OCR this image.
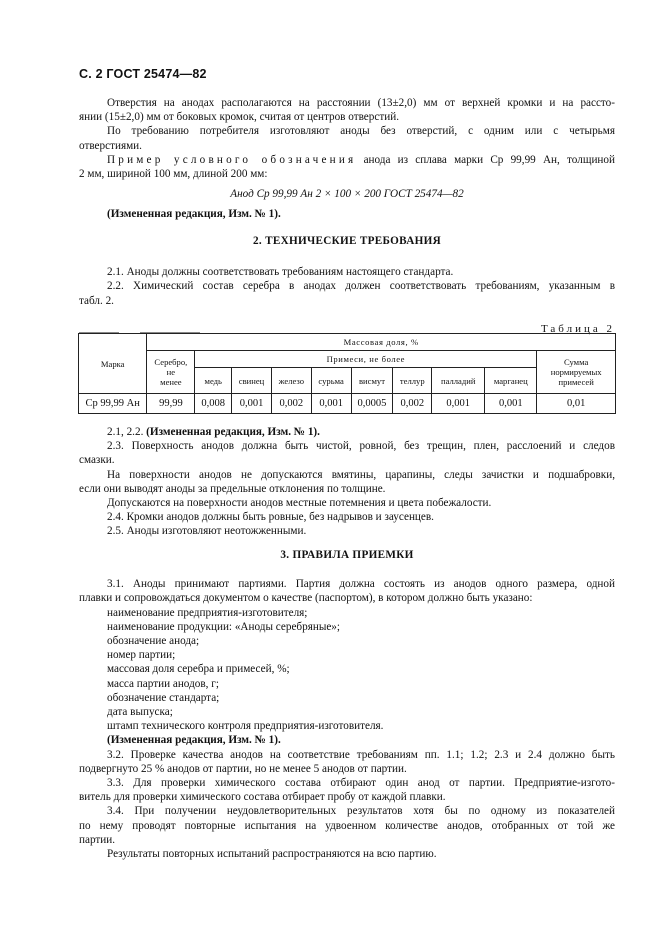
С. 2 ГОСТ 25474—82

Отверстия на анодах располагаются на расстоянии (13±2,0) мм от верхней кромки и на рассто-

янии (15±2,0) мм от боковых кромок, считая от центров отверстий.

По требованию потребителя изготовляют аноды без отверстий, с одним или с четырьмя

отверстиями.

Пример условного обозначения анода из сплава марки Ср 99,99 Ан, толщиной

2 мм, шириной 100 мм, длиной 200 мм:

Анод Ср 99,99 Ан 2 × 100 × 200 ГОСТ 25474—82

(Измененная редакция, Изм. № 1).

2. ТЕХНИЧЕСКИЕ ТРЕБОВАНИЯ

2.1. Аноды должны соответствовать требованиям настоящего стандарта.

2.2. Химический состав серебра в анодах должен соответствовать требованиям, указанным в

табл. 2.

Таблица 2

Марка	Массовая доля, %									
	Серебро,
не
менее	Примеси, не более								Сумма
нормируемых
примесей
		медь	свинец	железо	сурьма	висмут	теллур	палладий	марганец	
Ср 99,99 Ан	99,99	0,008	0,001	0,002	0,001	0,0005	0,002	0,001	0,001	0,01

2.1, 2.2. (Измененная редакция, Изм. № 1).

2.3. Поверхность анодов должна быть чистой, ровной, без трещин, плен, расслоений и следов

смазки.

На поверхности анодов не допускаются вмятины, царапины, следы зачистки и подшабровки,

если они выводят аноды за предельные отклонения по толщине.

Допускаются на поверхности анодов местные потемнения и цвета побежалости.

2.4. Кромки анодов должны быть ровные, без надрывов и заусенцев.

2.5. Аноды изготовляют неотожженными.

3. ПРАВИЛА ПРИЕМКИ

3.1. Аноды принимают партиями. Партия должна состоять из анодов одного размера, одной

плавки и сопровождаться документом о качестве (паспортом), в котором должно быть указано:

наименование предприятия-изготовителя;

наименование продукции: «Аноды серебряные»;

обозначение анода;

номер партии;

массовая доля серебра и примесей, %;

масса партии анодов, г;

обозначение стандарта;

дата выпуска;

штамп технического контроля предприятия-изготовителя.

(Измененная редакция, Изм. № 1).

3.2. Проверке качества анодов на соответствие требованиям пп. 1.1; 1.2; 2.3 и 2.4 должно быть

подвергнуто 25 % анодов от партии, но не менее 5 анодов от партии.

3.3. Для проверки химического состава отбирают один анод от партии. Предприятие-изгото-

витель для проверки химического состава отбирает пробу от каждой плавки.

3.4. При получении неудовлетворительных результатов хотя бы по одному из показателей

по нему проводят повторные испытания на удвоенном количестве анодов, отобранных от той же

партии.

Результаты повторных испытаний распространяются на всю партию.
